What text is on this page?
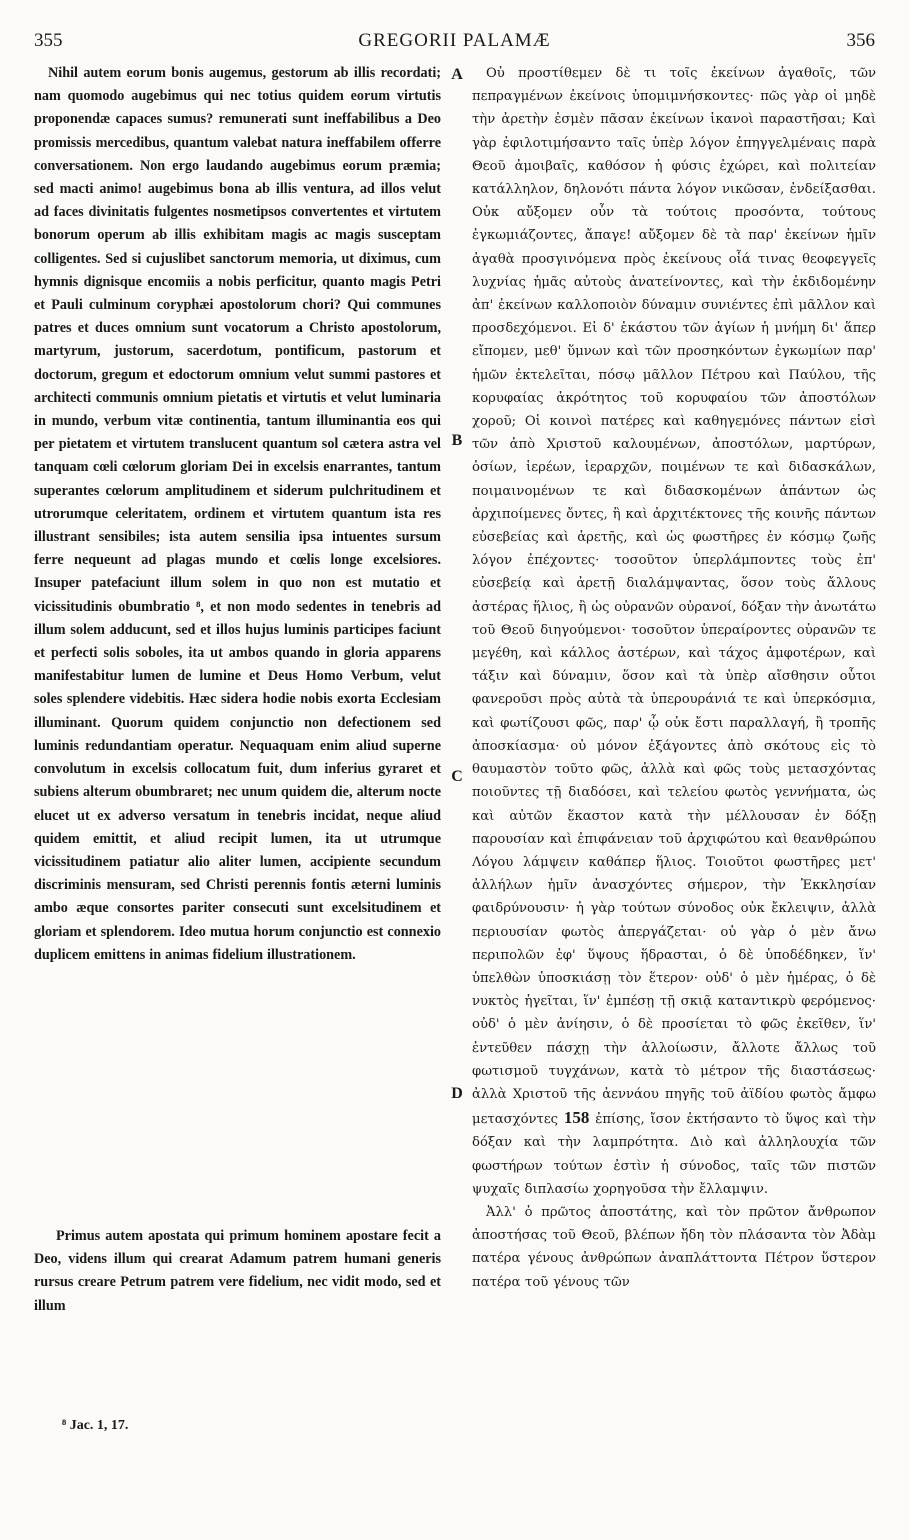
355	GREGORII PALAMÆ	356

Nihil autem eorum bonis augemus, gestorum ab illis recordati; nam quomodo augebimus qui nec totius quidem eorum virtutis proponendæ capaces sumus? remunerati sunt ineffabilibus a Deo promissis mercedibus, quantum valebat natura ineffabilem offerre conversationem. Non ergo laudando augebimus eorum præmia; sed macti animo! augebimus bona ab illis ventura, ad illos velut ad faces divinitatis fulgentes nosmetipsos convertentes et virtutem bonorum operum ab illis exhibitam magis ac magis susceptam colligentes. Sed si cujuslibet sanctorum memoria, ut diximus, cum hymnis dignisque encomiis a nobis perficitur, quanto magis Petri et Pauli culminum coryphæi apostolorum chori? Qui communes patres et duces omnium sunt vocatorum a Christo apostolorum, martyrum, justorum, sacerdotum, pontificum, pastorum et doctorum, gregum et edoctorum omnium velut summi pastores et architecti communis omnium pietatis et virtutis et velut luminaria in mundo, verbum vitæ continentia, tantum illuminantia eos qui per pietatem et virtutem translucent quantum sol cætera astra vel tanquam cœli cœlorum gloriam Dei in excelsis enarrantes, tantum superantes cœlorum amplitudinem et siderum pulchritudinem et utrorumque celeritatem, ordinem et virtutem quantum ista res illustrant sensibiles; ista autem sensilia ipsa intuentes sursum ferre nequeunt ad plagas mundo et cœlis longe excelsiores. Insuper patefaciunt illum solem in quo non est mutatio et vicissitudinis obumbratio ⁸, et non modo sedentes in tenebris ad illum solem adducunt, sed et illos hujus luminis participes faciunt et perfecti solis soboles, ita ut ambos quando in gloria apparens manifestabitur lumen de lumine et Deus Homo Verbum, velut soles splendere videbitis. Hæc sidera hodie nobis exorta Ecclesiam illuminant. Quorum quidem conjunctio non defectionem sed luminis redundantiam operatur. Nequaquam enim aliud superne convolutum in excelsis collocatum fuit, dum inferius gyraret et subiens alterum obumbraret; nec unum quidem die, alterum nocte elucet ut ex adverso versatum in tenebris incidat, neque aliud quidem emittit, et aliud recipit lumen, ita ut utrumque vicissitudinem patiatur alio aliter lumen, accipiente secundum discriminis mensuram, sed Christi perennis fontis æterni luminis ambo æque consortes pariter consecuti sunt excelsitudinem et gloriam et splendorem. Ideo mutua horum conjunctio est connexio duplicem emittens in animas fidelium illustrationem.

Primus autem apostata qui primum hominem apostare fecit a Deo, videns illum qui crearat Adamum patrem humani generis rursus creare Petrum patrem vere fidelium, nec vidit modo, sed et illum

Οὐ προστίθεμεν δὲ τι τοῖς ἐκείνων ἀγαθοῖς, τῶν πεπραγμένων ἐκείνοις ὑπομιμνήσκοντες· πῶς γὰρ οἱ μηδὲ τὴν ἀρετὴν ἐσμὲν πᾶσαν ἐκείνων ἱκανοὶ παραστῆσαι; Καὶ γὰρ ἐφιλοτιμήσαντο ταῖς ὑπὲρ λόγον ἐπηγγελμέναις παρὰ Θεοῦ ἀμοιβαῖς, καθόσον ἡ φύσις ἐχώρει, καὶ πολιτείαν κατάλληλον, δηλονότι πάντα λόγον νικῶσαν, ἐνδείξασθαι. Οὐκ αὔξομεν οὖν τὰ τούτοις προσόντα, τούτους ἐγκωμιάζοντες, ἄπαγε! αὔξομεν δὲ τὰ παρ' ἐκείνων ἡμῖν ἀγαθὰ προσγινόμενα πρὸς ἐκείνους οἷά τινας θεοφεγγεῖς λυχνίας ἡμᾶς αὐτοὺς ἀνατείνοντες, καὶ τὴν ἐκδιδομένην ἀπ' ἐκείνων καλλοποιὸν δύναμιν συνιέντες ἐπὶ μᾶλλον καὶ προσδεχόμενοι. Εἰ δ' ἑκάστου τῶν ἁγίων ἡ μνήμη δι' ἅπερ εἴπομεν, μεθ' ὕμνων καὶ τῶν προσηκόντων ἐγκωμίων παρ' ἡμῶν ἐκτελεῖται, πόσῳ μᾶλλον Πέτρου καὶ Παύλου, τῆς κορυφαίας ἀκρότητος τοῦ κορυφαίου τῶν ἀποστόλων χοροῦ; Οἱ κοινοὶ πατέρες καὶ καθηγεμόνες πάντων εἰσὶ τῶν ἀπὸ Χριστοῦ καλουμένων, ἀποστόλων, μαρτύρων, ὁσίων, ἱερέων, ἱεραρχῶν, ποιμένων τε καὶ διδασκάλων, ποιμαινομένων τε καὶ διδασκομένων ἁπάντων ὡς ἀρχιποίμενες ὄντες, ἢ καὶ ἀρχιτέκτονες τῆς κοινῆς πάντων εὐσεβείας καὶ ἀρετῆς, καὶ ὡς φωστῆρες ἐν κόσμῳ ζωῆς λόγον ἐπέχοντες· τοσοῦτον ὑπερλάμποντες τοὺς ἐπ' εὐσεβείᾳ καὶ ἀρετῇ διαλάμψαντας, ὅσον τοὺς ἄλλους ἀστέρας ἥλιος, ἢ ὡς οὐρανῶν οὐρανοί, δόξαν τὴν ἀνωτάτω τοῦ Θεοῦ διηγούμενοι· τοσοῦτον ὑπεραίροντες οὐρανῶν τε μεγέθη, καὶ κάλλος ἀστέρων, καὶ τάχος ἀμφοτέρων, καὶ τάξιν καὶ δύναμιν, ὅσον καὶ τὰ ὑπὲρ αἴσθησιν οὗτοι φανεροῦσι πρὸς αὐτὰ τὰ ὑπερουράνιά τε καὶ ὑπερκόσμια, καὶ φωτίζουσι φῶς, παρ' ᾧ οὐκ ἔστι παραλλαγή, ἢ τροπῆς ἀποσκίασμα· οὐ μόνον ἐξάγοντες ἀπὸ σκότους εἰς τὸ θαυμαστὸν τοῦτο φῶς, ἀλλὰ καὶ φῶς τοὺς μετασχόντας ποιοῦντες τῇ διαδόσει, καὶ τελείου φωτὸς γεννήματα, ὡς καὶ αὐτῶν ἕκαστον κατὰ τὴν μέλλουσαν ἐν δόξῃ παρουσίαν καὶ ἐπιφάνειαν τοῦ ἀρχιφώτου καὶ θεανθρώπου Λόγου λάμψειν καθάπερ ἥλιος. Τοιοῦτοι φωστῆρες μετ' ἀλλήλων ἡμῖν ἀνασχόντες σήμερον, τὴν Ἐκκλησίαν φαιδρύνουσιν· ἡ γὰρ τούτων σύνοδος οὐκ ἔκλειψιν, ἀλλὰ περιουσίαν φωτὸς ἀπεργάζεται· οὐ γὰρ ὁ μὲν ἄνω περιπολῶν ἐφ' ὕψους ἥδρασται, ὁ δὲ ὑποδέδηκεν, ἵν' ὑπελθὼν ὑποσκιάσῃ τὸν ἕτερον· οὐδ' ὁ μὲν ἡμέρας, ὁ δὲ νυκτὸς ἡγεῖται, ἵν' ἐμπέσῃ τῇ σκιᾷ καταντικρὺ φερόμενος· οὐδ' ὁ μὲν ἀνίησιν, ὁ δὲ προσίεται τὸ φῶς ἐκεῖθεν, ἵν' ἐντεῦθεν πάσχῃ τὴν ἀλλοίωσιν, ἄλλοτε ἄλλως τοῦ φωτισμοῦ τυγχάνων, κατὰ τὸ μέτρον τῆς διαστάσεως· ἀλλὰ Χριστοῦ τῆς ἀεννάου πηγῆς τοῦ ἀϊδίου φωτὸς ἄμφω μετασχόντες 158 ἐπίσης, ἴσον ἐκτήσαντο τὸ ὕψος καὶ τὴν δόξαν καὶ τὴν λαμπρότητα. Διὸ καὶ ἀλληλουχία τῶν φωστήρων τούτων ἐστὶν ἡ σύνοδος, ταῖς τῶν πιστῶν ψυχαῖς διπλασίω χορηγοῦσα τὴν ἔλλαμψιν.

Ἀλλ' ὁ πρῶτος ἀποστάτης, καὶ τὸν πρῶτον ἄνθρωπον ἀποστήσας τοῦ Θεοῦ, βλέπων ἤδη τὸν πλάσαντα τὸν Ἀδὰμ πατέρα γένους ἀνθρώπων ἀναπλάττοντα Πέτρον ὕστερον πατέρα τοῦ γένους τῶν

A
B
C
D
⁸ Jac. 1, 17.
